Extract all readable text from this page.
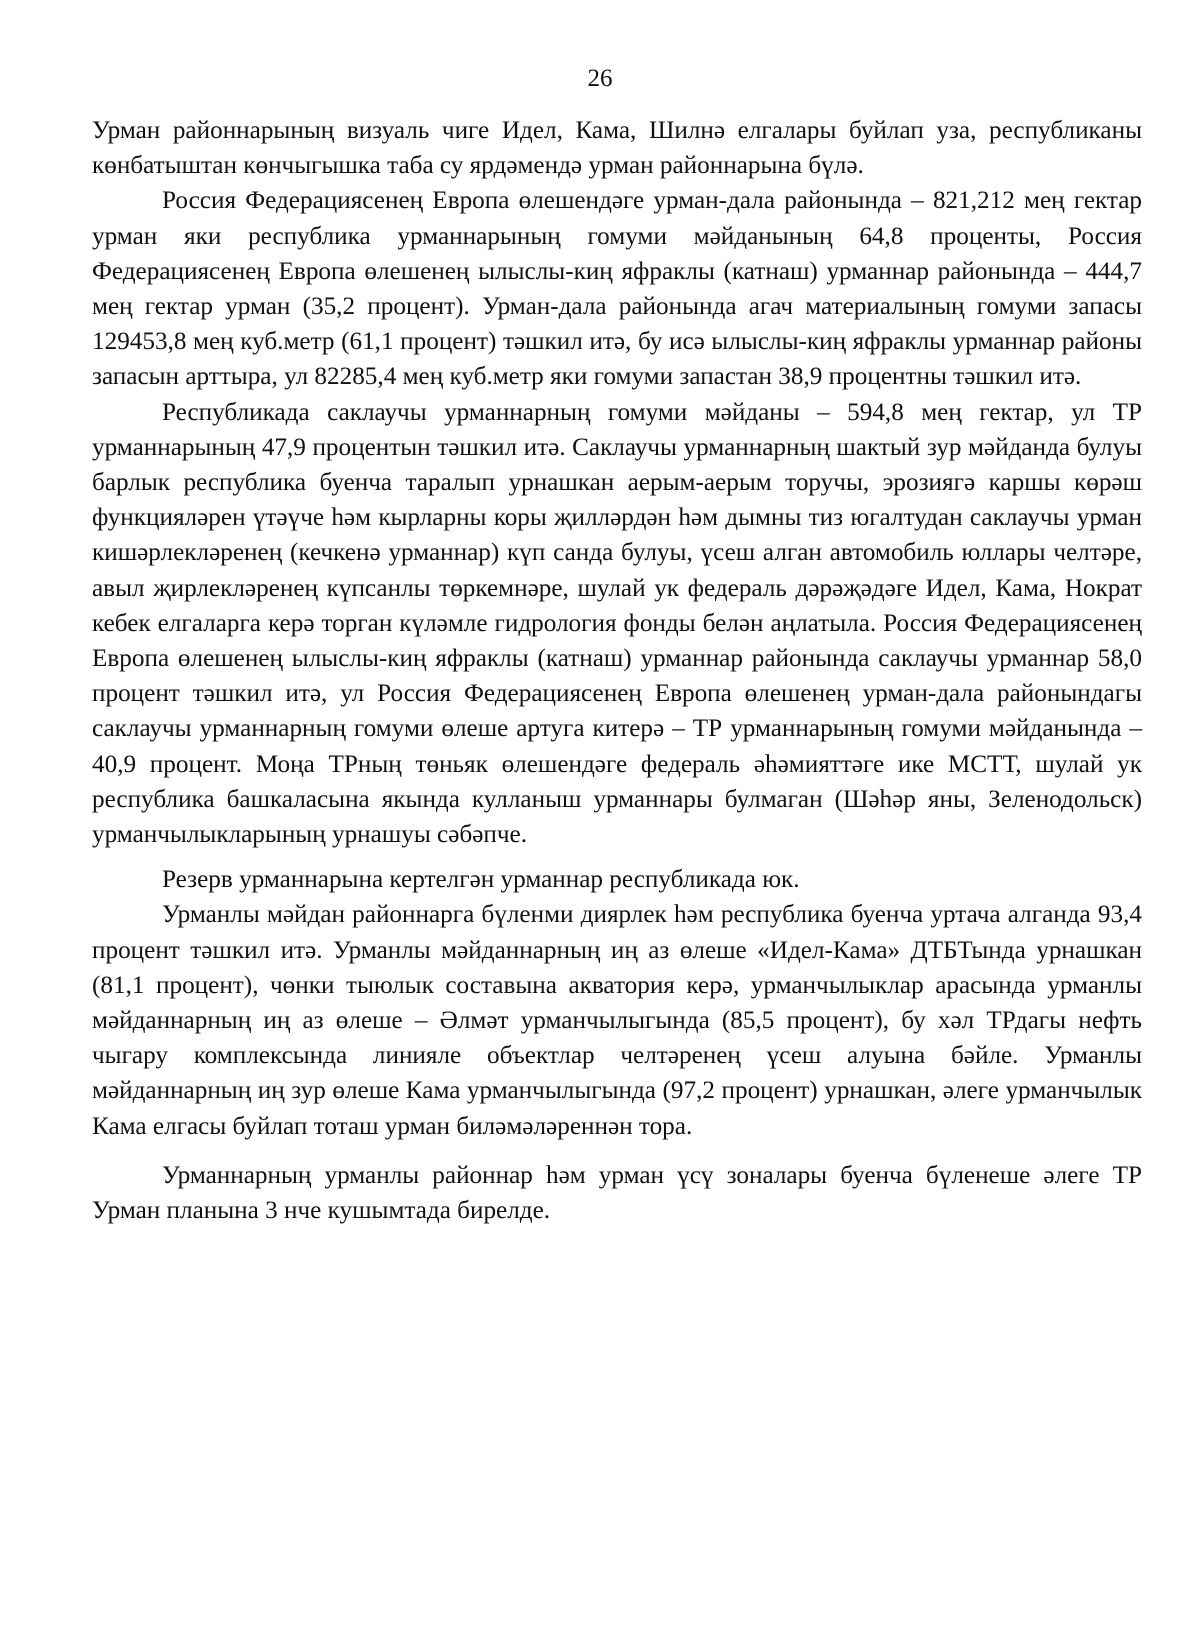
26

Урман районнарының визуаль чиге Идел, Кама, Шилнә елгалары буйлап уза, республиканы көнбатыштан көнчыгышка таба су ярдәмендә урман районнарына бүлә.

Россия Федерациясенең Европа өлешендәге урман-дала районында – 821,212 мең гектар урман яки республика урманнарының гомуми мәйданының 64,8 проценты, Россия Федерациясенең Европа өлешенең ылыслы-киң яфраклы (катнаш) урманнар районында – 444,7 мең гектар урман (35,2 процент). Урман-дала районында агач материалының гомуми запасы 129453,8 мең куб.метр (61,1 процент) тәшкил итә, бу исә ылыслы-киң яфраклы урманнар районы запасын арттыра, ул 82285,4 мең куб.метр яки гомуми запастан 38,9 процентны тәшкил итә.

Республикада саклаучы урманнарның гомуми мәйданы – 594,8 мең гектар, ул ТР урманнарының 47,9 процентын тәшкил итә. Саклаучы урманнарның шактый зур мәйданда булуы барлык республика буенча таралып урнашкан аерым-аерым торучы, эрозиягә каршы көрәш функцияләрен үтәүче һәм кырларны коры җилләрдән һәм дымны тиз югалтудан саклаучы урман кишәрлекләренең (кечкенә урманнар) күп санда булуы, үсеш алган автомобиль юллары челтәре, авыл җирлекләренең күпсанлы төркемнәре, шулай ук федераль дәрәҗәдәге Идел, Кама, Нократ кебек елгаларга керә торган күләмле гидрология фонды белән аңлатыла. Россия Федерациясенең Европа өлешенең ылыслы-киң яфраклы (катнаш) урманнар районында саклаучы урманнар 58,0 процент тәшкил итә, ул Россия Федерациясенең Европа өлешенең урман-дала районындагы саклаучы урманнарның гомуми өлеше артуга китерә – ТР урманнарының гомуми мәйданында – 40,9 процент. Моңа ТРның төньяк өлешендәге федераль әһәмияттәге ике МСТТ, шулай ук республика башкаласына якында кулланыш урманнары булмаган (Шәһәр яны, Зеленодольск) урманчылыкларының урнашуы сәбәпче.

Резерв урманнарына кертелгән урманнар республикада юк.

Урманлы мәйдан районнарга бүленми диярлек һәм республика буенча уртача алганда 93,4 процент тәшкил итә. Урманлы мәйданнарның иң аз өлеше «Идел-Кама» ДТБТында урнашкан (81,1 процент), чөнки тыюлык составына акватория керә, урманчылыклар арасында урманлы мәйданнарның иң аз өлеше – Әлмәт урманчылыгында (85,5 процент), бу хәл ТРдагы нефть чыгару комплексында линияле объектлар челтәренең үсеш алуына бәйле. Урманлы мәйданнарның иң зур өлеше Кама урманчылыгында (97,2 процент) урнашкан, әлеге урманчылык Кама елгасы буйлап тоташ урман биләмәләреннән тора.

Урманнарның урманлы районнар һәм урман үсү зоналары буенча бүленеше әлеге ТР Урман планына 3 нче кушымтада бирелде.
